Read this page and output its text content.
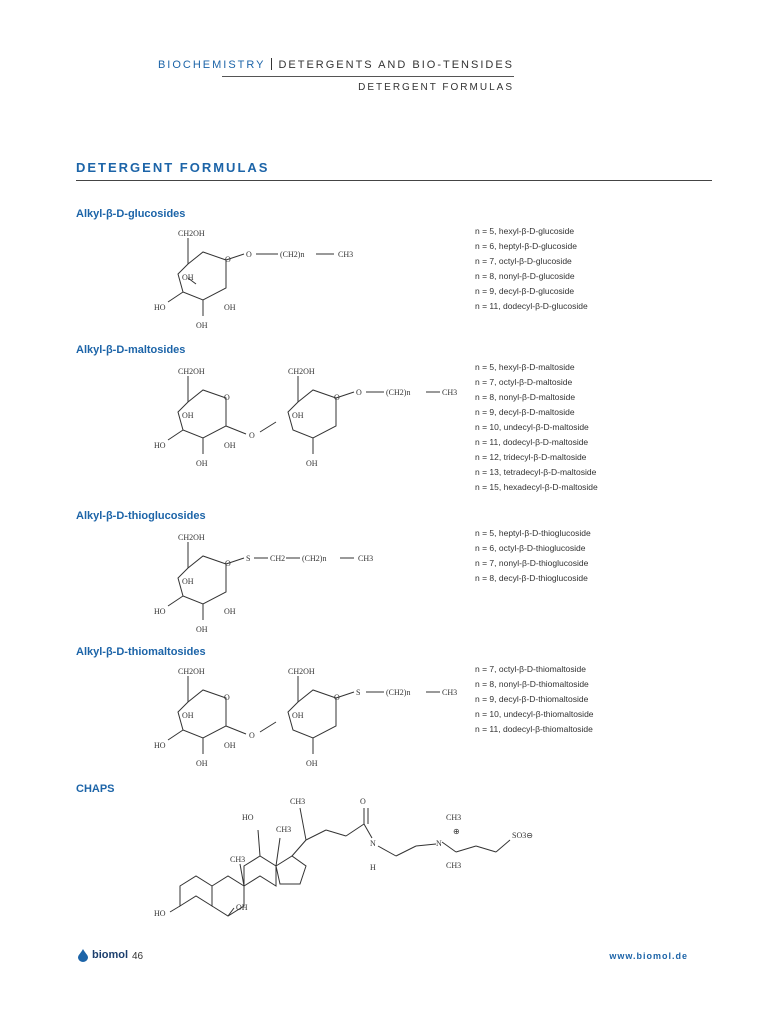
BIOCHEMISTRY DETERGENTS AND BIO-TENSIDES
DETERGENT FORMULAS
DETERGENT FORMULAS
Alkyl-β-D-glucosides
CH2OH
O
O	(CH2)n	CH3
OH
HO	OH
OH
n = 5, hexyl-β-D-glucoside
n = 6, heptyl-β-D-glucoside
n = 7, octyl-β-D-glucoside
n = 8, nonyl-β-D-glucoside
n = 9, decyl-β-D-glucoside
n = 11, dodecyl-β-D-glucoside
Alkyl-β-D-maltosides
CH2OH	CH2OH
O	O
O
O	(CH2)n	CH3
OH	OH
HO	OH
OH	OH
n = 5, hexyl-β-D-maltoside
n = 7, octyl-β-D-maltoside
n = 8, nonyl-β-D-maltoside
n = 9, decyl-β-D-maltoside
n = 10, undecyl-β-D-maltoside
n = 11, dodecyl-β-D-maltoside
n = 12, tridecyl-β-D-maltoside
n = 13, tetradecyl-β-D-maltoside
n = 15, hexadecyl-β-D-maltoside
Alkyl-β-D-thioglucosides
CH2OH
O
S CH2 (CH2)n	CH3
OH
HO	OH
OH
n = 5, heptyl-β-D-thioglucoside
n = 6, octyl-β-D-thioglucoside
n = 7, nonyl-β-D-thioglucoside
n = 8, decyl-β-D-thioglucoside
Alkyl-β-D-thiomaltosides
CH2OH	CH2OH
O	O
O
S	(CH2)n	CH3
OH	OH
HO	OH
OH	OH
n = 7, octyl-β-D-thiomaltoside
n = 8, nonyl-β-D-thiomaltoside
n = 9, decyl-β-D-thiomaltoside
n = 10, undecyl-β-thiomaltoside
n = 11, dodecyl-β-thiomaltoside
CHAPS
CH3	O
HO
CH3
CH3
N
H
CH3
⊕
N
CH3
SO3⊖
HO
OH
biomol 46	www.biomol.de
